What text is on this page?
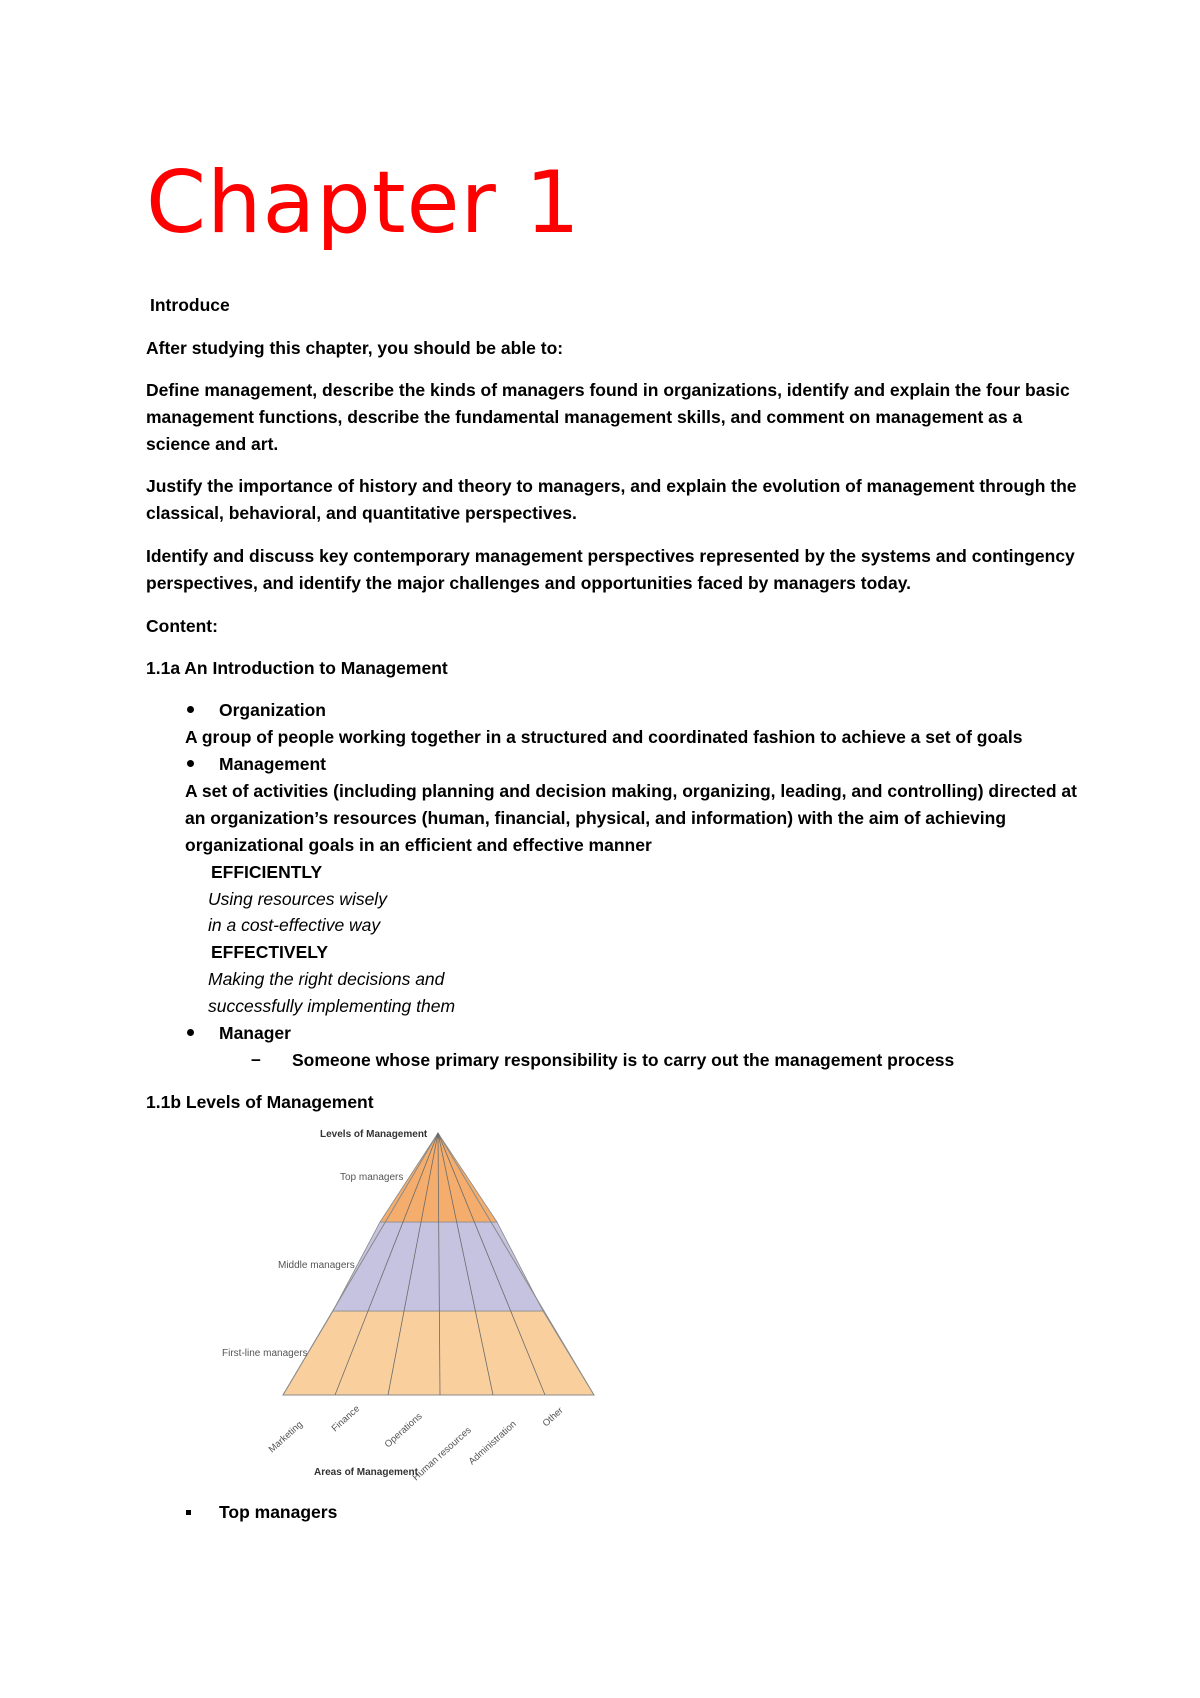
Chapter 1
Introduce
After studying this chapter, you should be able to:
Define management, describe the kinds of managers found in organizations, identify and explain the four basic management functions, describe the fundamental management skills, and comment on management as a science and art.
Justify the importance of history and theory to managers, and explain the evolution of management through the classical, behavioral, and quantitative perspectives.
Identify and discuss key contemporary management perspectives represented by the systems and contingency perspectives, and identify the major challenges and opportunities faced by managers today.
Content:
1.1a An Introduction to Management
Organization
A group of people working together in a structured and coordinated fashion to achieve a set of goals
Management
A set of activities (including planning and decision making, organizing, leading, and controlling) directed at
an organization’s resources (human, financial, physical, and information) with the aim of achieving
organizational goals in an efficient and effective manner
EFFICIENTLY
Using resources wisely
in a cost-effective way
EFFECTIVELY
Making the right decisions and
successfully implementing them
Manager
– Someone whose primary responsibility is to carry out the management process
1.1b Levels of Management
Levels of Management
Top managers
Middle managers
First-line managers
Marketing
Finance Operations
Human resources
Administration
Other
Areas of Management
Top managers
